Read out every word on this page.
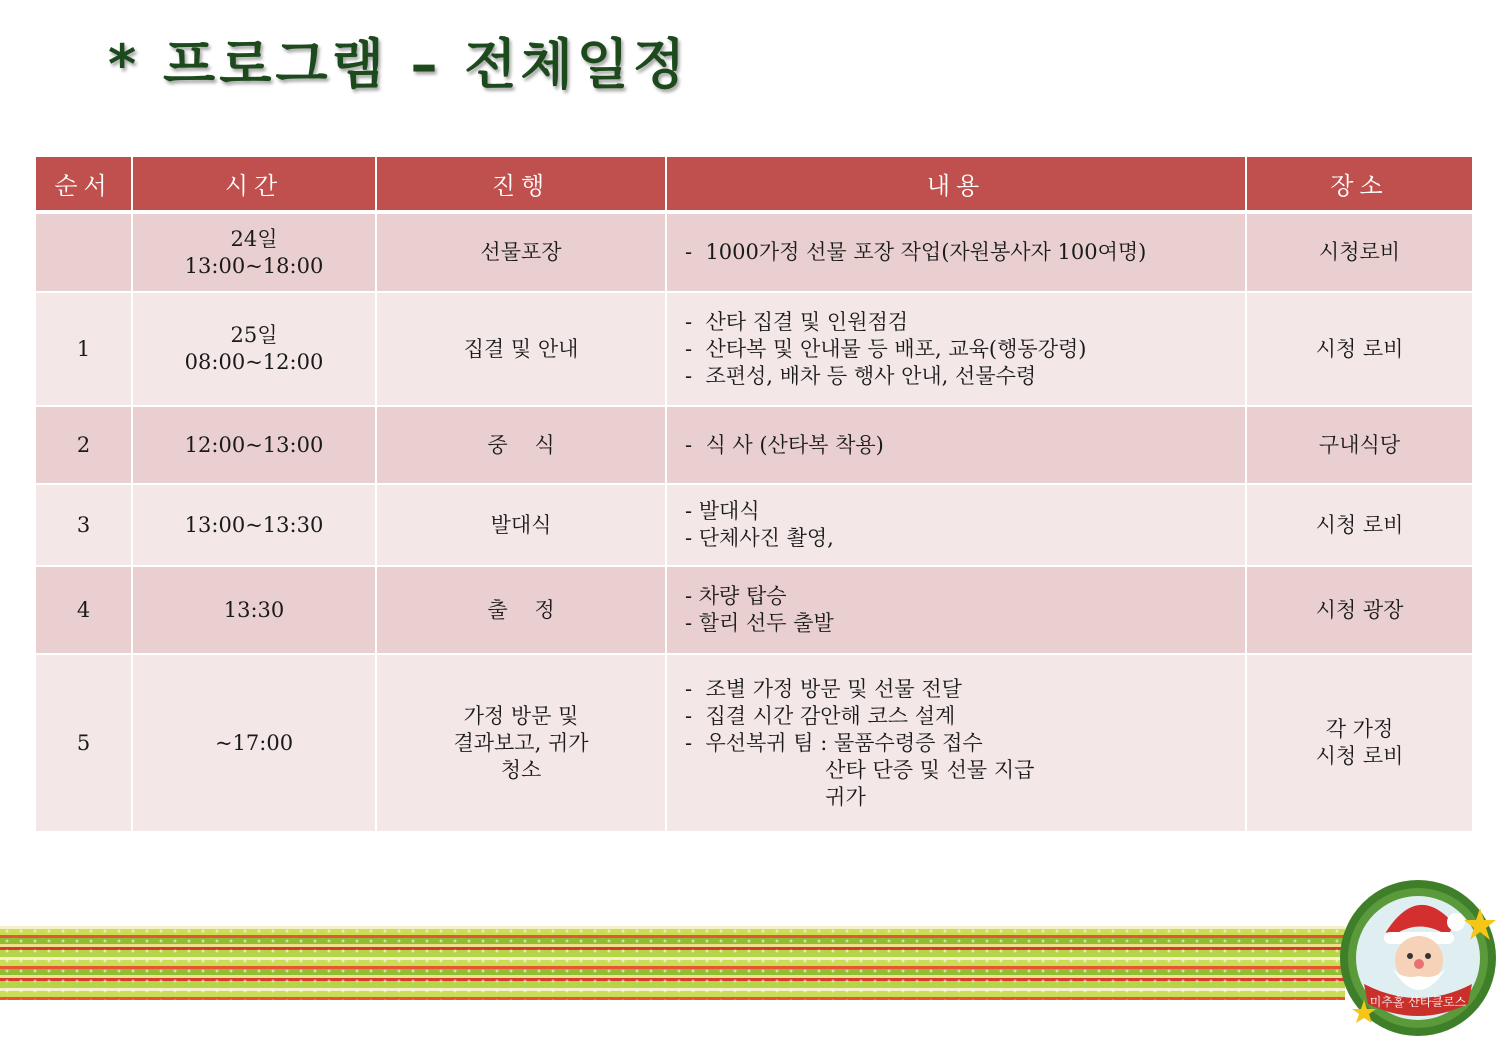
* 프로그램 – 전체일정
순서	시간	진행	내용	장소

	24일
13:00~18:00	선물포장	-  1000가정 선물 포장 작업(자원봉사자 100여명)	시청로비

1	25일
08:00~12:00	집결 및 안내	-  산타 집결 및 인원점검
-  산타복 및 안내물 등 배포, 교육(행동강령)
-  조편성, 배차 등 행사 안내, 선물수령	시청 로비

2	12:00~13:00	중    식	-  식 사 (산타복 착용)	구내식당

3	13:00~13:30	발대식	- 발대식
- 단체사진 촬영,	시청 로비

4	13:30	출    정	- 차량 탑승
- 할리 선두 출발	시청 광장

5	~17:00	가정 방문 및
결과보고, 귀가
청소	-  조별 가정 방문 및 선물 전달
-  집결 시간 감안해 코스 설계
-  우선복귀 팀 : 물품수령증 접수
산타 단증 및 선물 지급
귀가	각 가정
시청 로비
미추홀 산타클로스
